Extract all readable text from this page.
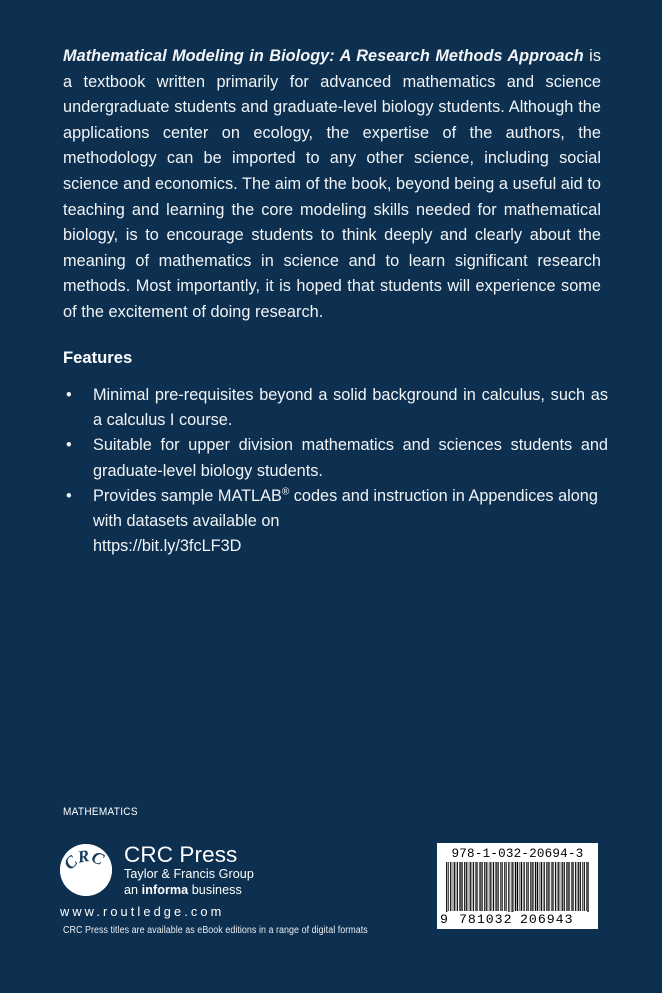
Mathematical Modeling in Biology: A Research Methods Approach is a textbook written primarily for advanced mathematics and science undergraduate students and graduate-level biology students. Although the applications center on ecology, the expertise of the authors, the methodology can be imported to any other science, including social science and economics. The aim of the book, beyond being a useful aid to teaching and learning the core modeling skills needed for mathematical biology, is to encourage students to think deeply and clearly about the meaning of mathematics in science and to learn significant research methods. Most importantly, it is hoped that students will experience some of the excitement of doing research.
Features
• Minimal pre-requisites beyond a solid background in calculus, such as a calculus I course.
• Suitable for upper division mathematics and sciences students and graduate-level biology students.
• Provides sample MATLAB® codes and instruction in Appendices along with datasets available on
https://bit.ly/3fcLF3D
MATHEMATICS
CRC CRC Press
Taylor & Francis Group
an informa business
www.routledge.com
CRC Press titles are available as eBook editions in a range of digital formats
978-1-032-20694-3
9 781032 206943
